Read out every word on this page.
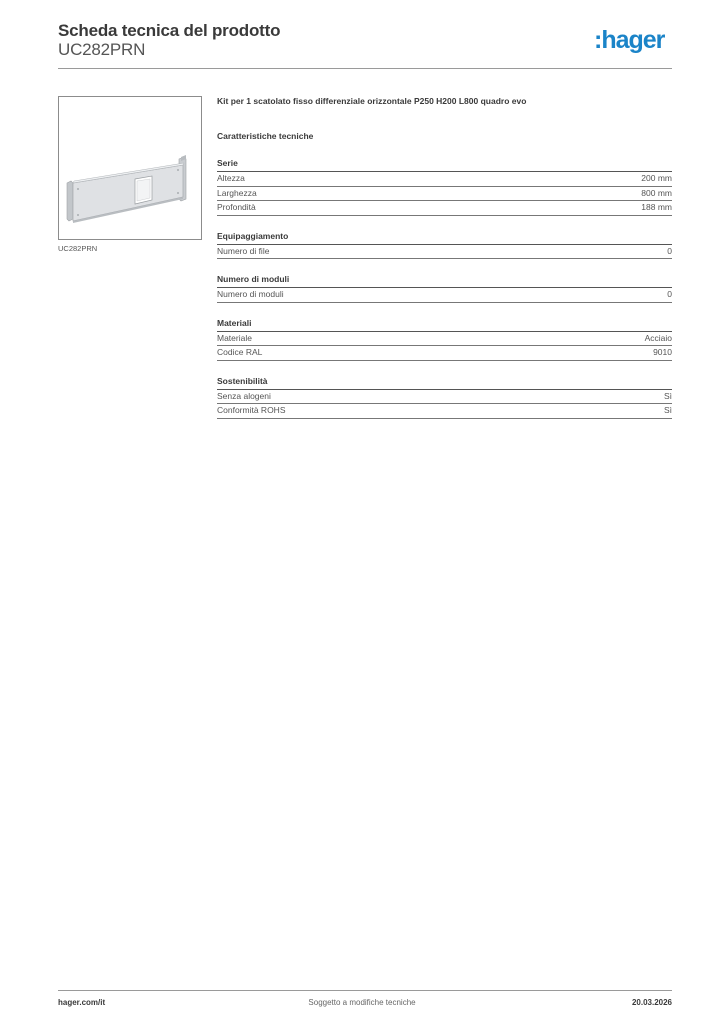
Scheda tecnica del prodotto
UC282PRN	:hager
UC282PRN
Kit per 1 scatolato fisso differenziale orizzontale P250 H200 L800 quadro evo
Caratteristiche tecniche
Serie
Altezza	200 mm
Larghezza	800 mm
Profondità	188 mm
Equipaggiamento
Numero di file	0
Numero di moduli
Numero di moduli	0
Materiali
Materiale	Acciaio
Codice RAL	9010
Sostenibilità
Senza alogeni	Sì
Conformità ROHS	Sì
hager.com/it	Soggetto a modifiche tecniche	20.03.2026
